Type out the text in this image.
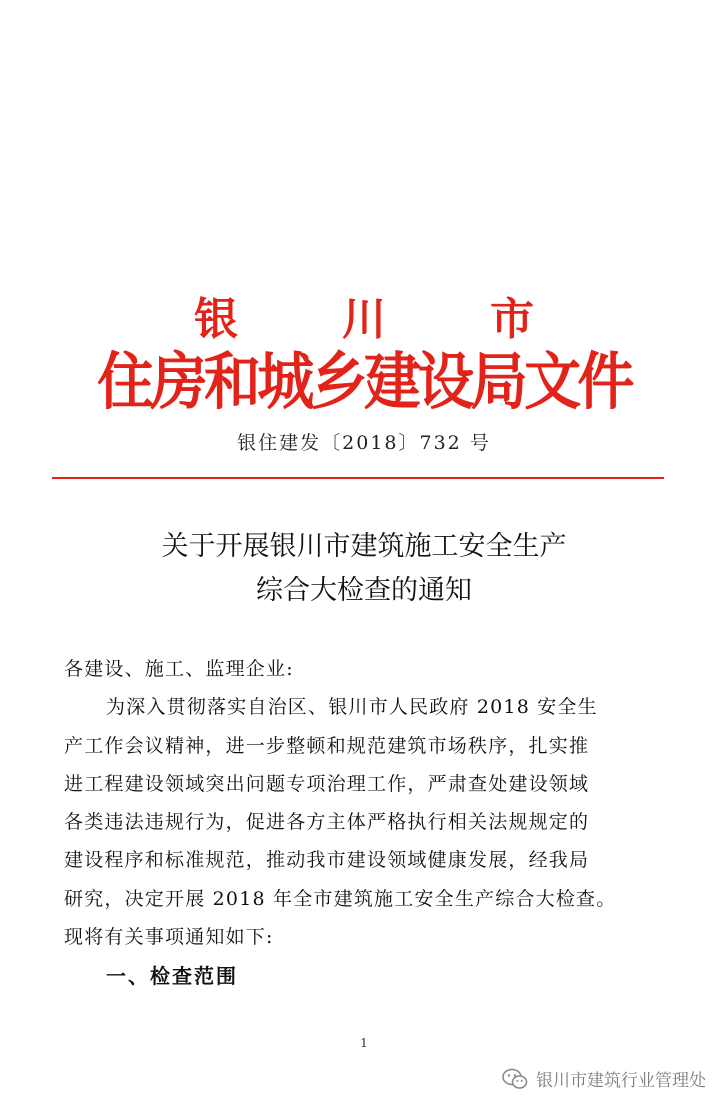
银 川 市
住房和城乡建设局文件
银住建发〔2018〕732 号
关于开展银川市建筑施工安全生产
综合大检查的通知
各建设、施工、监理企业:
为深入贯彻落实自治区、银川市人民政府 2018 安全生
产工作会议精神，进一步整顿和规范建筑市场秩序，扎实推
进工程建设领域突出问题专项治理工作，严肃查处建设领域
各类违法违规行为，促进各方主体严格执行相关法规规定的
建设程序和标准规范，推动我市建设领域健康发展，经我局
研究，决定开展 2018 年全市建筑施工安全生产综合大检查。
现将有关事项通知如下:
一、检查范围
1
银川市建筑行业管理处
